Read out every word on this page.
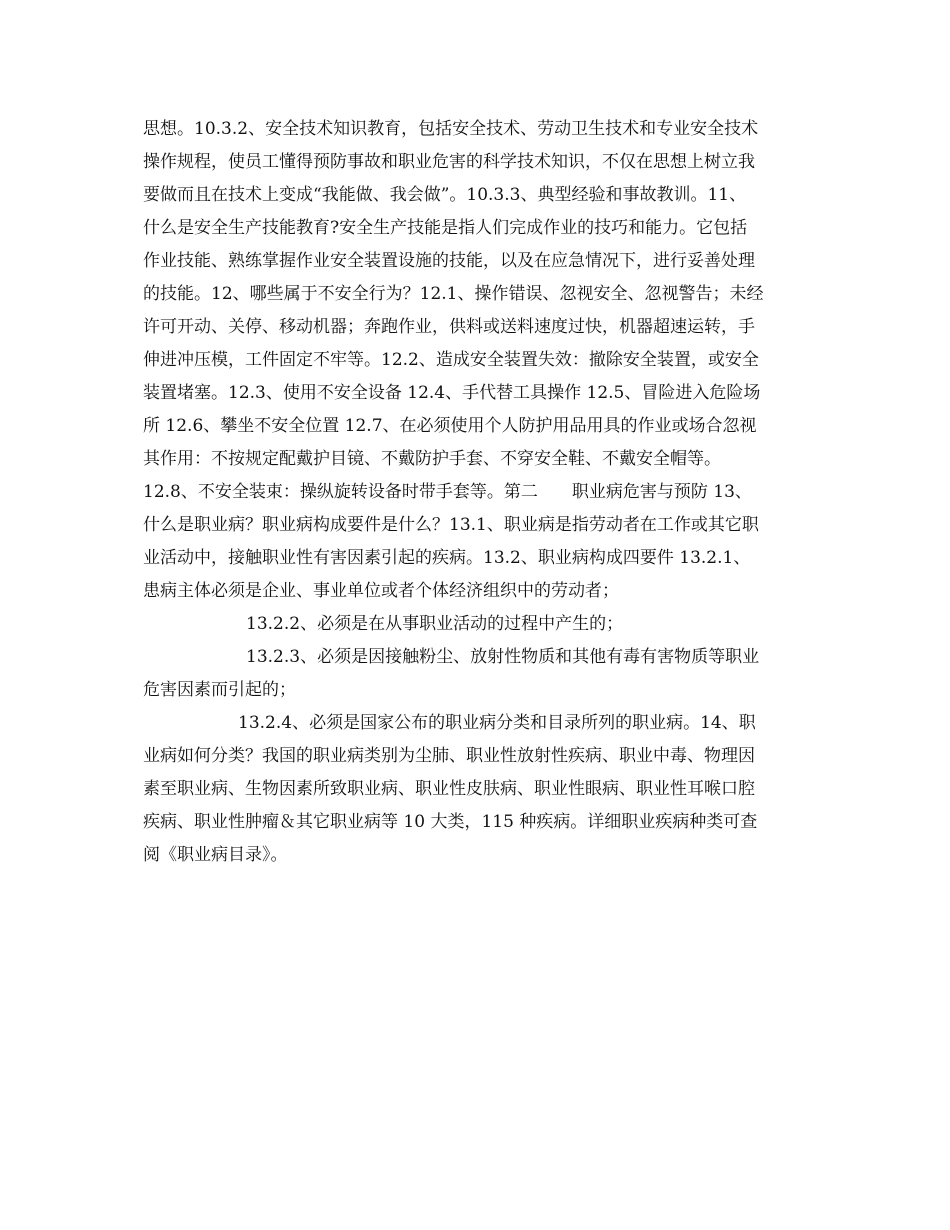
思想。10.3.2、安全技术知识教育，包括安全技术、劳动卫生技术和专业安全技术
操作规程，使员工懂得预防事故和职业危害的科学技术知识，不仅在思想上树立我
要做而且在技术上变成“我能做、我会做”。10.3.3、典型经验和事故教训。11、
什么是安全生产技能教育?安全生产技能是指人们完成作业的技巧和能力。它包括
作业技能、熟练掌握作业安全装置设施的技能，以及在应急情况下，进行妥善处理
的技能。12、哪些属于不安全行为？12.1、操作错误、忽视安全、忽视警告；未经
许可开动、关停、移动机器；奔跑作业，供料或送料速度过快，机器超速运转，手
伸进冲压模，工件固定不牢等。12.2、造成安全装置失效：撤除安全装置，或安全
装置堵塞。12.3、使用不安全设备 12.4、手代替工具操作 12.5、冒险进入危险场
所 12.6、攀坐不安全位置 12.7、在必须使用个人防护用品用具的作业或场合忽视
其作用：不按规定配戴护目镜、不戴防护手套、不穿安全鞋、不戴安全帽等。
12.8、不安全装束：操纵旋转设备时带手套等。第二　　职业病危害与预防 13、
什么是职业病？职业病构成要件是什么？13.1、职业病是指劳动者在工作或其它职
业活动中，接触职业性有害因素引起的疾病。13.2、职业病构成四要件 13.2.1、
患病主体必须是企业、事业单位或者个体经济组织中的劳动者；
13.2.2、必须是在从事职业活动的过程中产生的；
13.2.3、必须是因接触粉尘、放射性物质和其他有毒有害物质等职业
危害因素而引起的；
13.2.4、必须是国家公布的职业病分类和目录所列的职业病。14、职
业病如何分类？我国的职业病类别为尘肺、职业性放射性疾病、职业中毒、物理因
素至职业病、生物因素所致职业病、职业性皮肤病、职业性眼病、职业性耳喉口腔
疾病、职业性肿瘤＆其它职业病等 10 大类，115 种疾病。详细职业疾病种类可查
阅《职业病目录》。
